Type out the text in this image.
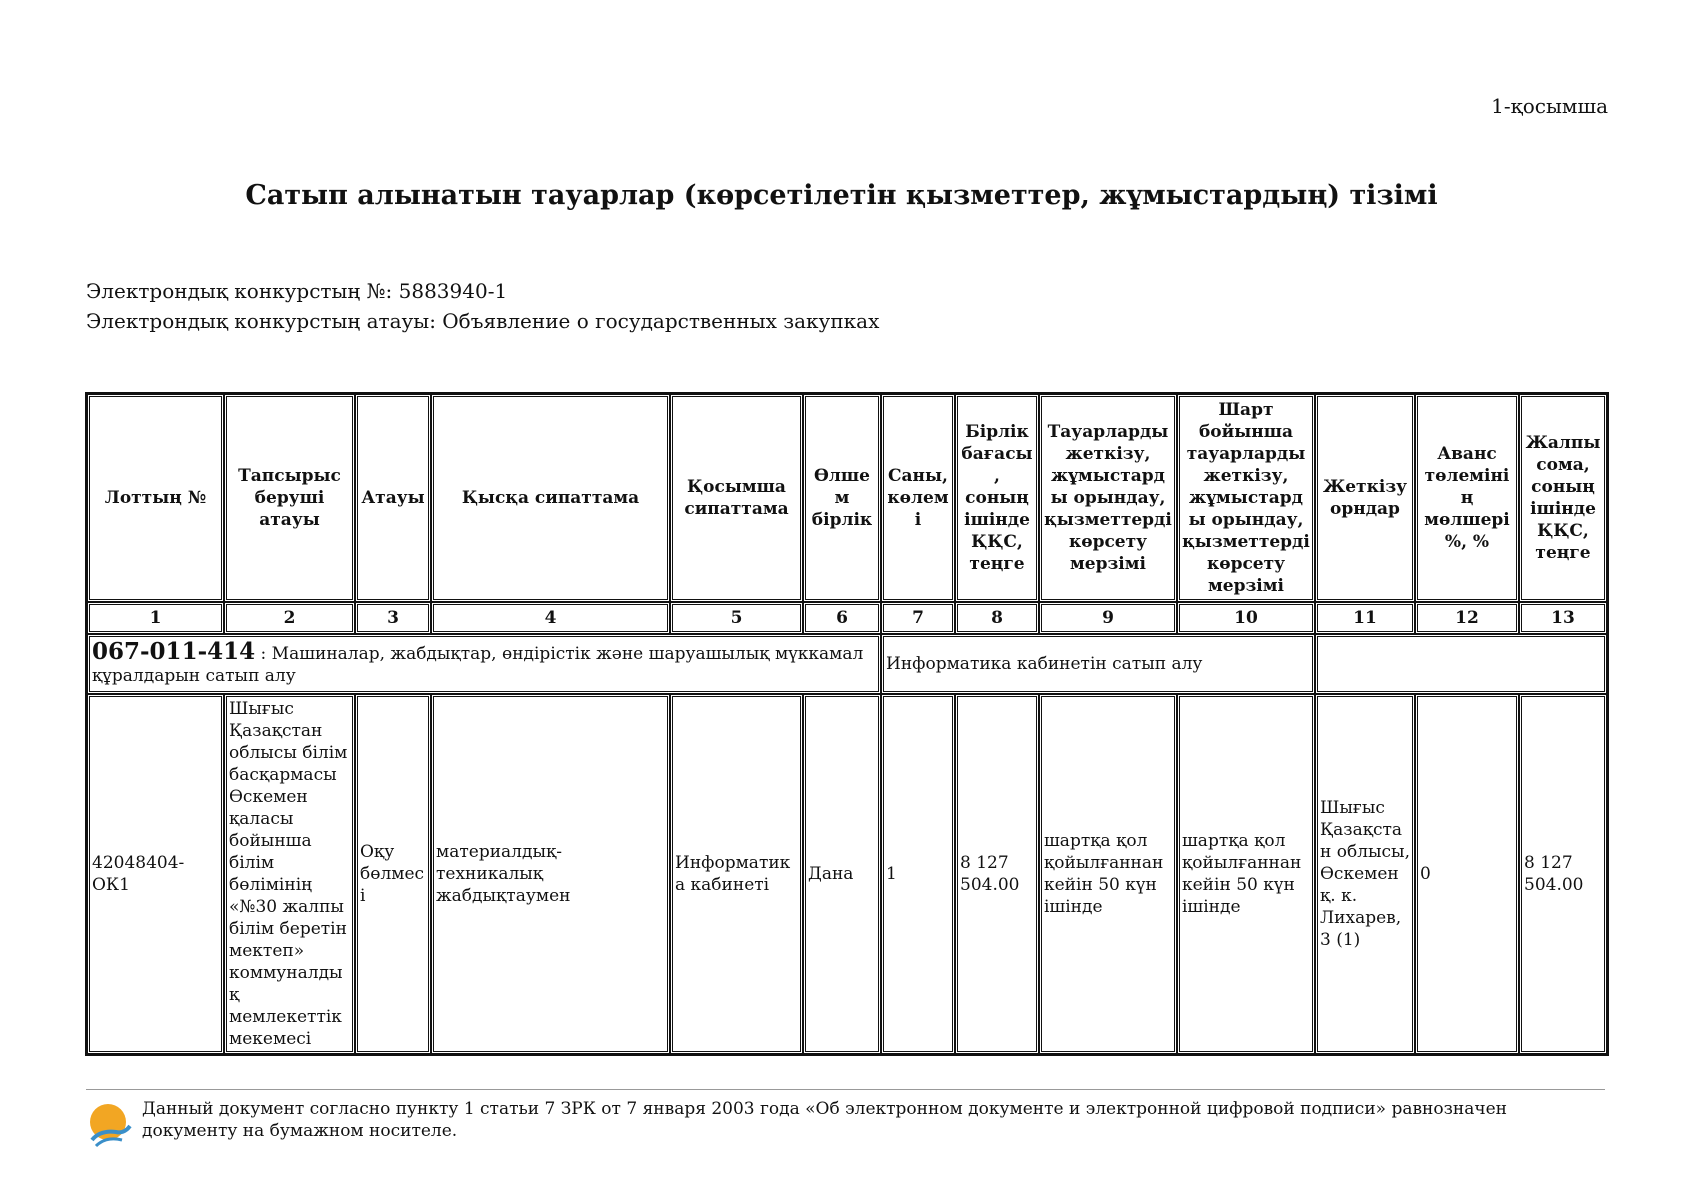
1-қосымша
Сатып алынатын тауарлар (көрсетілетін қызметтер, жұмыстардың) тізімі
Электрондық конкурстың №: 5883940-1
Электрондық конкурстың атауы: Объявление о государственных закупках
Лоттың №	Тапсырыс беруші атауы	Атауы	Қысқа сипаттама	Қосымша сипаттама	Өлшем бірлік	Саны, көлемі	Бірлік бағасы, соның ішінде ҚҚС, теңге	Тауарларды жеткізу, жұмыстарды орындау, қызметтерді көрсету мерзімі	Шарт бойынша тауарларды жеткізу, жұмыстарды орындау, қызметтерді көрсету мерзімі	Жеткізу орндар	Аванс төлемінің мөлшері %, %	Жалпы сома, соның ішінде ҚҚС, теңге
1	2	3	4	5	6	7	8	9	10	11	12	13
067-011-414 : Машиналар, жабдықтар, өндірістік және шаруашылық мүккамал құралдарын сатып алу						Информатика кабинетін сатып алу						
42048404-ОК1	Шығыс Қазақстан облысы білім басқармасы Өскемен қаласы бойынша білім бөлімінің «№30 жалпы білім беретін мектеп» коммуналдық мемлекеттік мекемесі	Оқу бөлмесі	материалдық-техникалық жабдықтаумен	Информатика кабинеті	Дана	1	8 127 504.00	шартқа қол қойылғаннан кейін 50 күн ішінде	шартқа қол қойылғаннан кейін 50 күн ішінде	Шығыс Қазақстан облысы, Өскемен қ. к. Лихарев, 3 (1)	0	8 127 504.00
Данный документ согласно пункту 1 статьи 7 ЗРК от 7 января 2003 года «Об электронном документе и электронной цифровой подписи» равнозначен документу на бумажном носителе.
